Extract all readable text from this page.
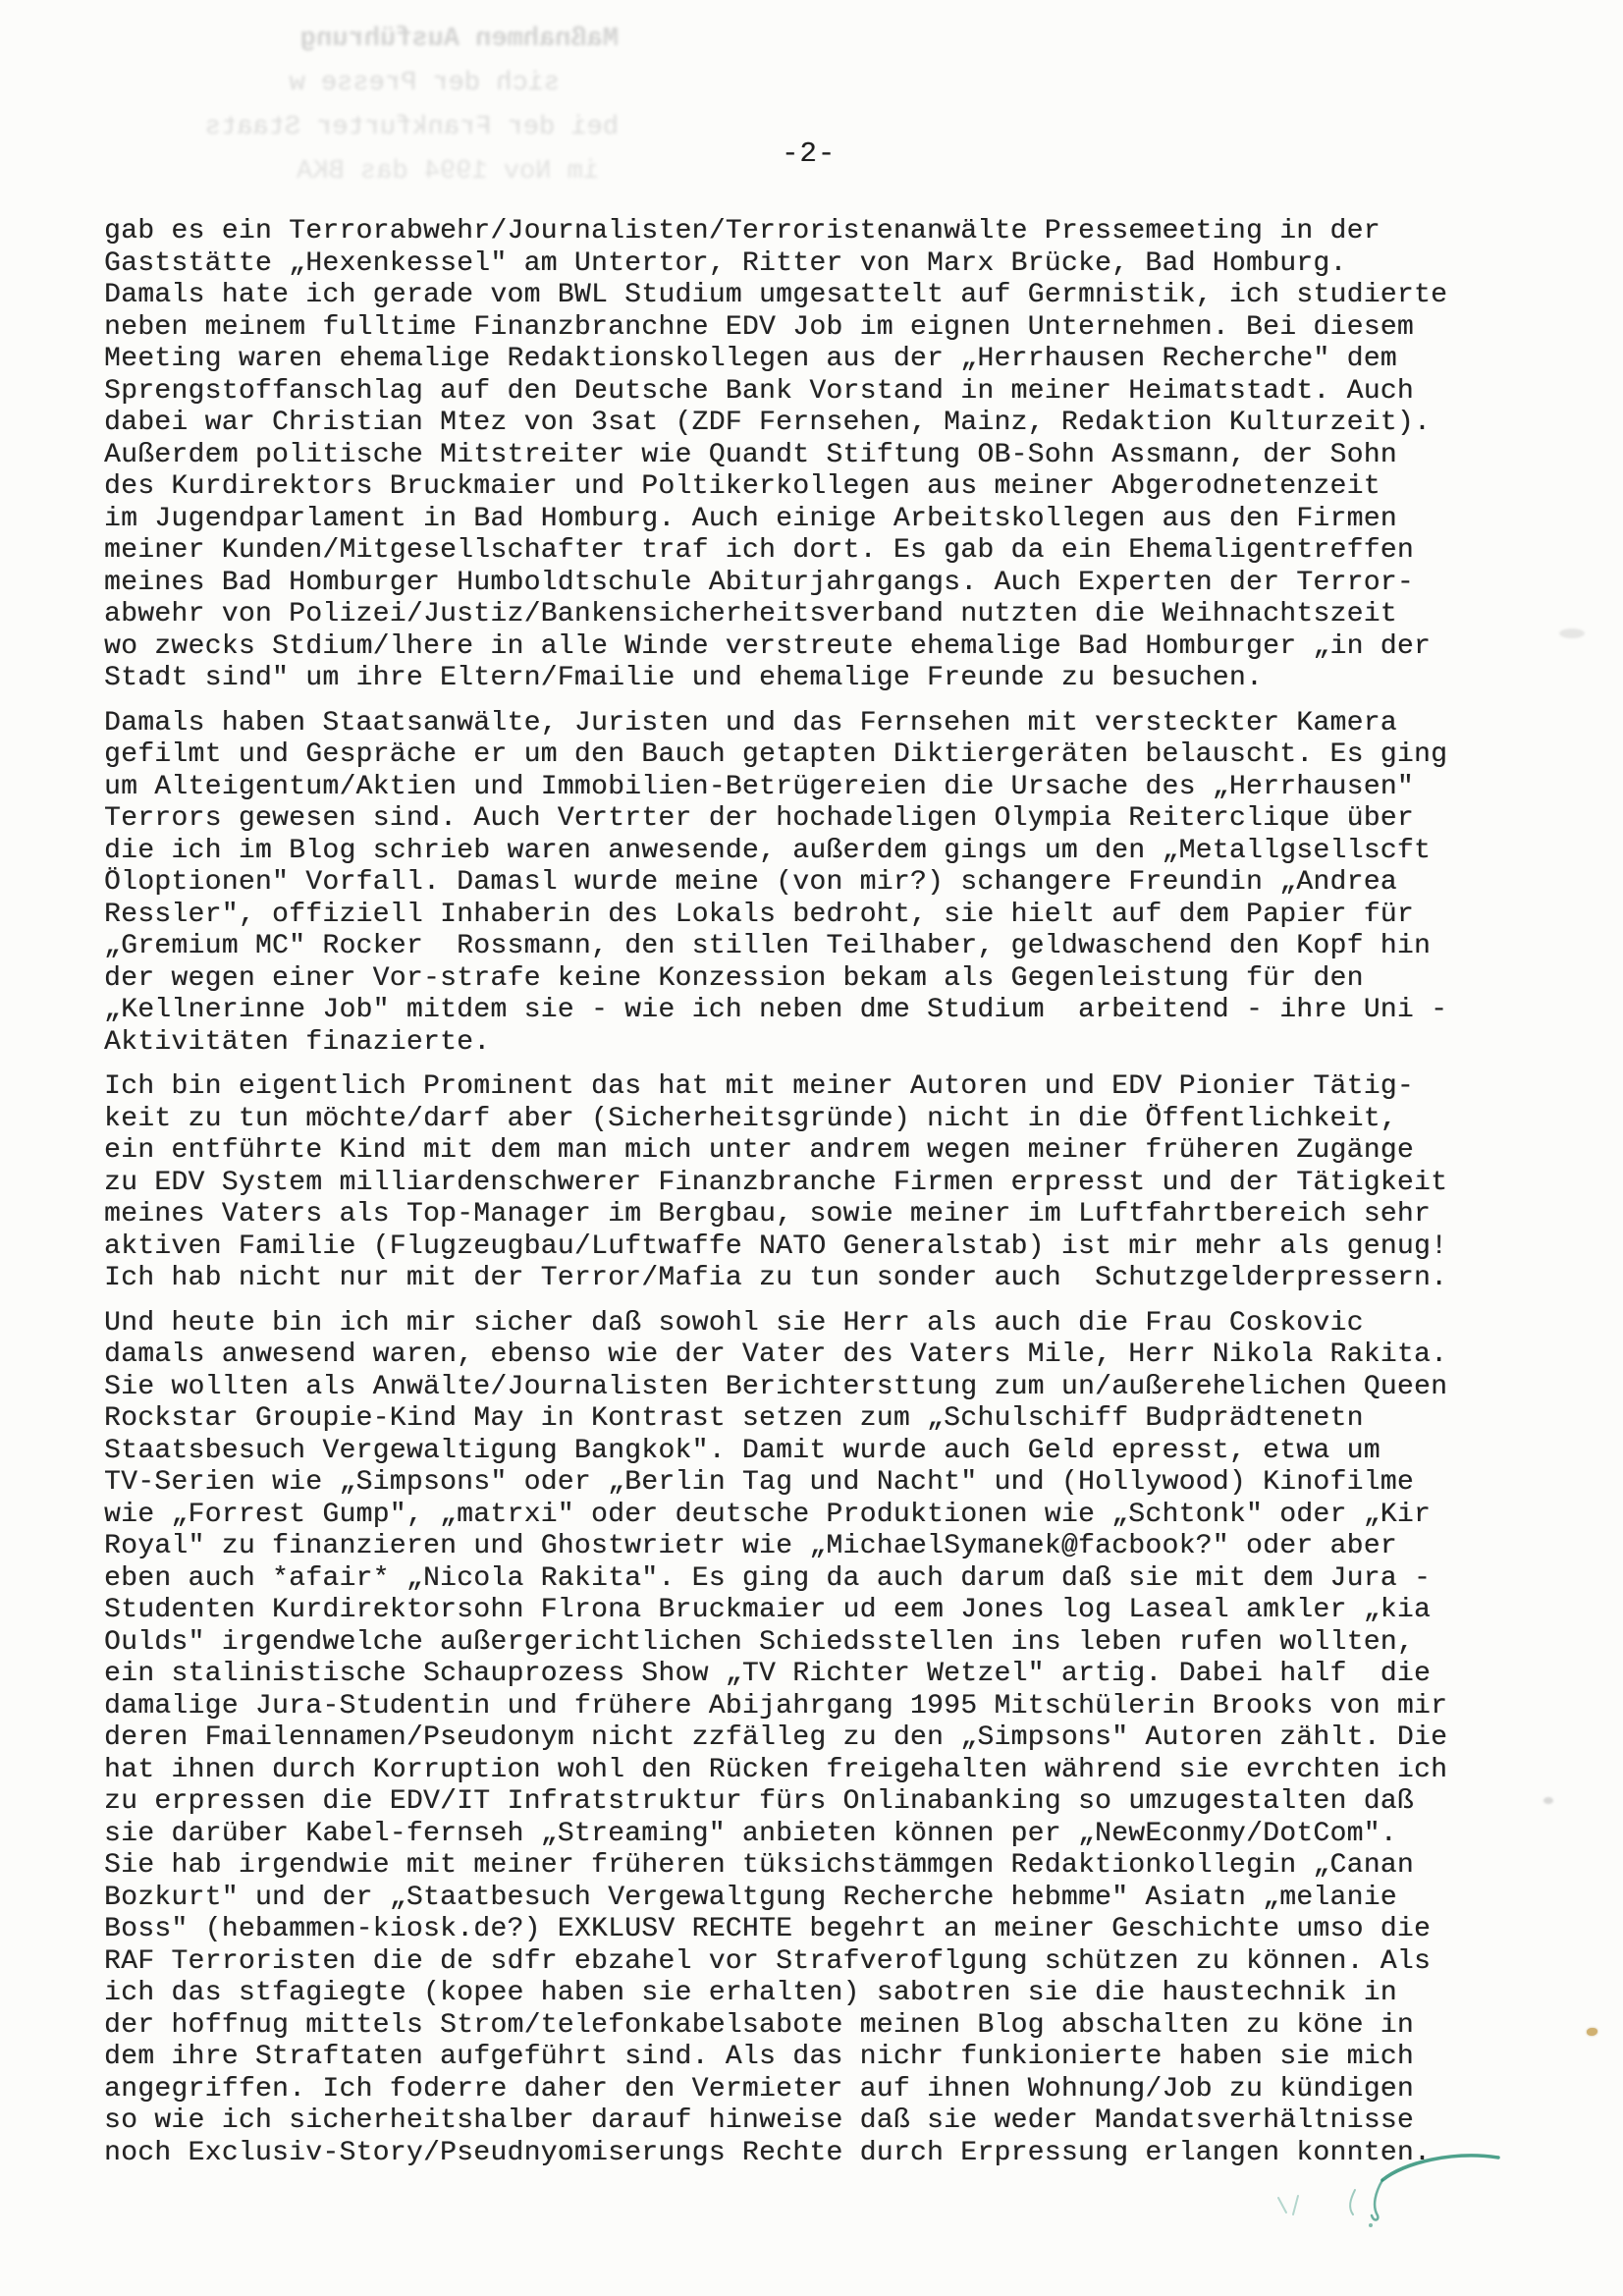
Maßnahmen Ausführung
sich der Presse w
bei der Frankfurter Staats
im Nov 1994 das BKA
-2-
gab es ein Terrorabwehr/Journalisten/Terroristenanwälte Pressemeeting in der
Gaststätte „Hexenkessel" am Untertor, Ritter von Marx Brücke, Bad Homburg.
Damals hate ich gerade vom BWL Studium umgesattelt auf Germnistik, ich studierte
neben meinem fulltime Finanzbranchne EDV Job im eignen Unternehmen. Bei diesem
Meeting waren ehemalige Redaktionskollegen aus der „Herrhausen Recherche" dem
Sprengstoffanschlag auf den Deutsche Bank Vorstand in meiner Heimatstadt. Auch
dabei war Christian Mtez von 3sat (ZDF Fernsehen, Mainz, Redaktion Kulturzeit).
Außerdem politische Mitstreiter wie Quandt Stiftung OB-Sohn Assmann, der Sohn
des Kurdirektors Bruckmaier und Poltikerkollegen aus meiner Abgerodnetenzeit
im Jugendparlament in Bad Homburg. Auch einige Arbeitskollegen aus den Firmen
meiner Kunden/Mitgesellschafter traf ich dort. Es gab da ein Ehemaligentreffen
meines Bad Homburger Humboldtschule Abiturjahrgangs. Auch Experten der Terror-
abwehr von Polizei/Justiz/Bankensicherheitsverband nutzten die Weihnachtszeit
wo zwecks Stdium/lhere in alle Winde verstreute ehemalige Bad Homburger „in der
Stadt sind" um ihre Eltern/Fmailie und ehemalige Freunde zu besuchen.
Damals haben Staatsanwälte, Juristen und das Fernsehen mit versteckter Kamera
gefilmt und Gespräche er um den Bauch getapten Diktiergeräten belauscht. Es ging
um Alteigentum/Aktien und Immobilien-Betrügereien die Ursache des „Herrhausen"
Terrors gewesen sind. Auch Vertrter der hochadeligen Olympia Reiterclique über
die ich im Blog schrieb waren anwesende, außerdem gings um den „Metallgsellscft
Öloptionen" Vorfall. Damasl wurde meine (von mir?) schangere Freundin „Andrea
Ressler", offiziell Inhaberin des Lokals bedroht, sie hielt auf dem Papier für
„Gremium MC" Rocker  Rossmann, den stillen Teilhaber, geldwaschend den Kopf hin
der wegen einer Vor-strafe keine Konzession bekam als Gegenleistung für den
„Kellnerinne Job" mitdem sie - wie ich neben dme Studium  arbeitend - ihre Uni -
Aktivitäten finazierte.
Ich bin eigentlich Prominent das hat mit meiner Autoren und EDV Pionier Tätig-
keit zu tun möchte/darf aber (Sicherheitsgründe) nicht in die Öffentlichkeit,
ein entführte Kind mit dem man mich unter andrem wegen meiner früheren Zugänge
zu EDV System milliardenschwerer Finanzbranche Firmen erpresst und der Tätigkeit
meines Vaters als Top-Manager im Bergbau, sowie meiner im Luftfahrtbereich sehr
aktiven Familie (Flugzeugbau/Luftwaffe NATO Generalstab) ist mir mehr als genug!
Ich hab nicht nur mit der Terror/Mafia zu tun sonder auch  Schutzgelderpressern.
Und heute bin ich mir sicher daß sowohl sie Herr als auch die Frau Coskovic
damals anwesend waren, ebenso wie der Vater des Vaters Mile, Herr Nikola Rakita.
Sie wollten als Anwälte/Journalisten Berichtersttung zum un/außerehelichen Queen
Rockstar Groupie-Kind May in Kontrast setzen zum „Schulschiff Budprädtenetn
Staatsbesuch Vergewaltigung Bangkok". Damit wurde auch Geld epresst, etwa um
TV-Serien wie „Simpsons" oder „Berlin Tag und Nacht" und (Hollywood) Kinofilme
wie „Forrest Gump", „matrxi" oder deutsche Produktionen wie „Schtonk" oder „Kir
Royal" zu finanzieren und Ghostwrietr wie „MichaelSymanek@facbook?" oder aber
eben auch *afair* „Nicola Rakita". Es ging da auch darum daß sie mit dem Jura -
Studenten Kurdirektorsohn Flrona Bruckmaier ud eem Jones log Laseal amkler „kia
Oulds" irgendwelche außergerichtlichen Schiedsstellen ins leben rufen wollten,
ein stalinistische Schauprozess Show „TV Richter Wetzel" artig. Dabei half  die
damalige Jura-Studentin und frühere Abijahrgang 1995 Mitschülerin Brooks von mir
deren Fmailennamen/Pseudonym nicht zzfälleg zu den „Simpsons" Autoren zählt. Die
hat ihnen durch Korruption wohl den Rücken freigehalten während sie evrchten ich
zu erpressen die EDV/IT Infratstruktur fürs Onlinabanking so umzugestalten daß
sie darüber Kabel-fernseh „Streaming" anbieten können per „NewEconmy/DotCom".
Sie hab irgendwie mit meiner früheren tüksichstämmgen Redaktionkollegin „Canan
Bozkurt" und der „Staatbesuch Vergewaltgung Recherche hebmme" Asiatn „melanie
Boss" (hebammen-kiosk.de?) EXKLUSV RECHTE begehrt an meiner Geschichte umso die
RAF Terroristen die de sdfr ebzahel vor Strafveroflgung schützen zu können. Als
ich das stfagiegte (kopee haben sie erhalten) sabotren sie die haustechnik in
der hoffnug mittels Strom/telefonkabelsabote meinen Blog abschalten zu köne in
dem ihre Straftaten aufgeführt sind. Als das nichr funkionierte haben sie mich
angegriffen. Ich foderre daher den Vermieter auf ihnen Wohnung/Job zu kündigen
so wie ich sicherheitshalber darauf hinweise daß sie weder Mandatsverhältnisse
noch Exclusiv-Story/Pseudnyomiserungs Rechte durch Erpressung erlangen konnten.
